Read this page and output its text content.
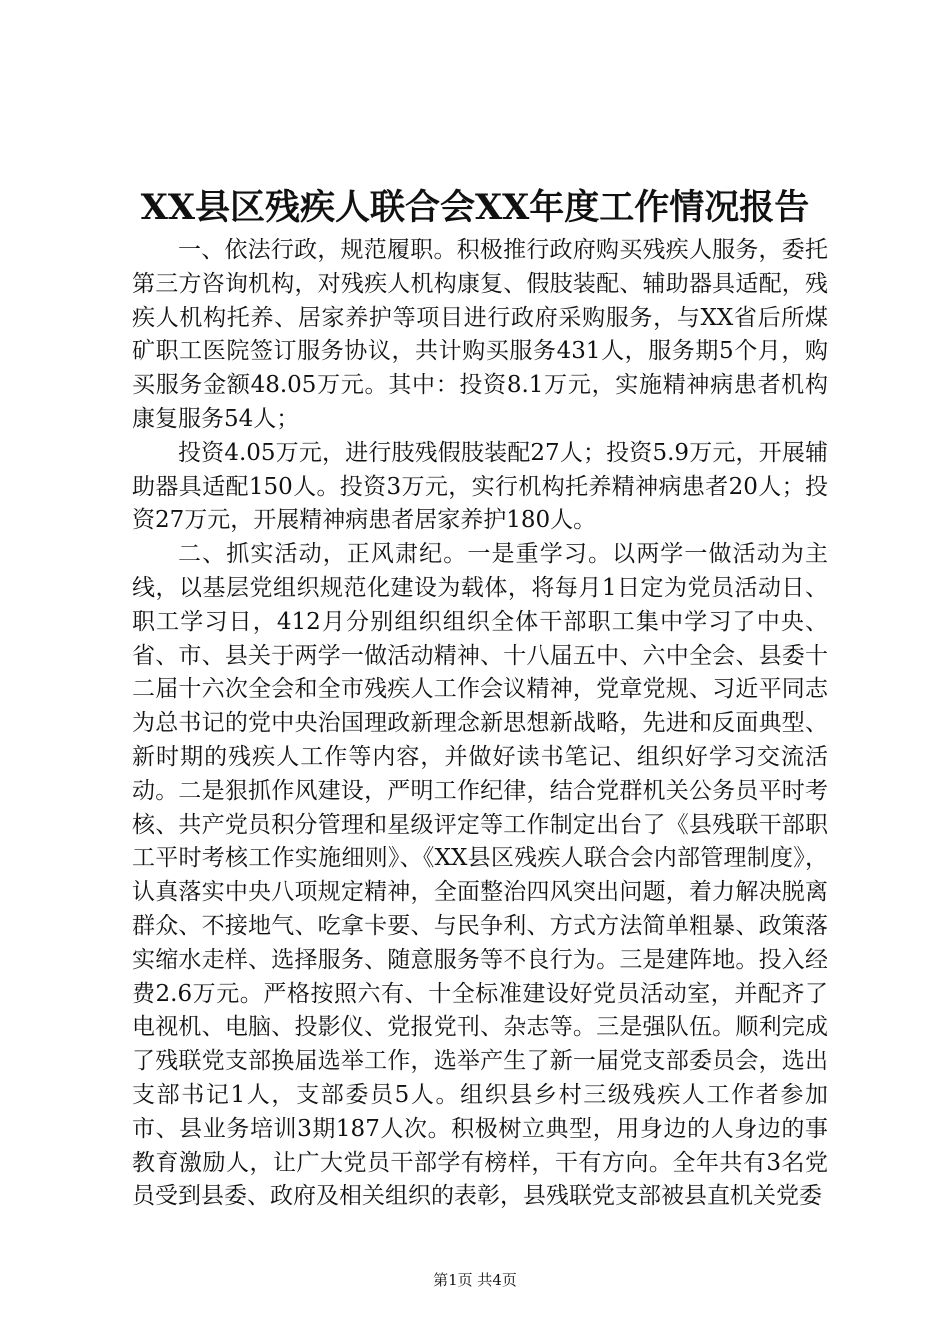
XX县区残疾人联合会XX年度工作情况报告

一、依法行政，规范履职。积极推行政府购买残疾人服务，委托第三方咨询机构，对残疾人机构康复、假肢装配、辅助器具适配，残疾人机构托养、居家养护等项目进行政府采购服务，与XX省后所煤矿职工医院签订服务协议，共计购买服务431人，服务期5个月，购买服务金额48.05万元。其中：投资8.1万元，实施精神病患者机构康复服务54人；

投资4.05万元，进行肢残假肢装配27人；投资5.9万元，开展辅助器具适配150人。投资3万元，实行机构托养精神病患者20人；投资27万元，开展精神病患者居家养护180人。

二、抓实活动，正风肃纪。一是重学习。以两学一做活动为主线，以基层党组织规范化建设为载体，将每月1日定为党员活动日、职工学习日，412月分别组织组织全体干部职工集中学习了中央、省、市、县关于两学一做活动精神、十八届五中、六中全会、县委十二届十六次全会和全市残疾人工作会议精神，党章党规、习近平同志为总书记的党中央治国理政新理念新思想新战略，先进和反面典型、新时期的残疾人工作等内容，并做好读书笔记、组织好学习交流活动。二是狠抓作风建设，严明工作纪律，结合党群机关公务员平时考核、共产党员积分管理和星级评定等工作制定出台了《县残联干部职工平时考核工作实施细则》、《XX县区残疾人联合会内部管理制度》，认真落实中央八项规定精神，全面整治四风突出问题，着力解决脱离群众、不接地气、吃拿卡要、与民争利、方式方法简单粗暴、政策落实缩水走样、选择服务、随意服务等不良行为。三是建阵地。投入经费2.6万元。严格按照六有、十全标准建设好党员活动室，并配齐了电视机、电脑、投影仪、党报党刊、杂志等。三是强队伍。顺利完成了残联党支部换届选举工作，选举产生了新一届党支部委员会，选出支部书记1人，支部委员5人。组织县乡村三级残疾人工作者参加市、县业务培训3期187人次。积极树立典型，用身边的人身边的事教育激励人，让广大党员干部学有榜样，干有方向。全年共有3名党员受到县委、政府及相关组织的表彰，县残联党支部被县直机关党委

第1页 共4页
